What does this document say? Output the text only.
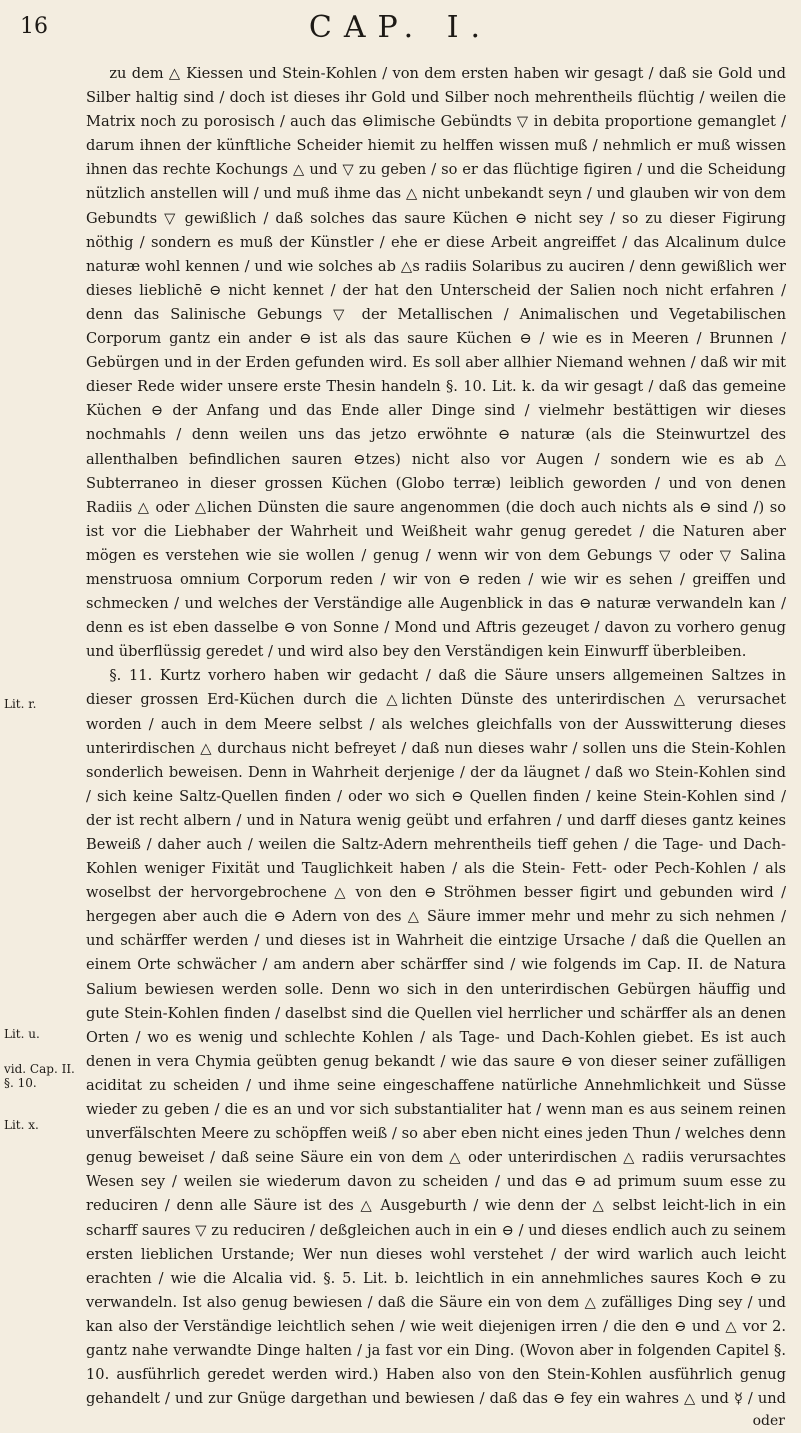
16	CAP. I.
Lit. r.
Lit. u.
vid. Cap. II. §. 10.
Lit. x.

zu dem △ Kiessen und Stein-Kohlen / von dem ersten haben wir gesagt / daß sie Gold und Silber haltig sind / doch ist dieses ihr Gold und Silber noch mehrentheils flüchtig / weilen die Matrix noch zu porosisch / auch das ⊖limische Gebündts ▽ in debita proportione gemanglet / darum ihnen der künftliche Scheider hiemit zu helffen wissen muß / nehmlich er muß wissen ihnen das rechte Kochungs △ und ▽ zu geben / so er das flüchtige figiren / und die Scheidung nützlich anstellen will / und muß ihme das △ nicht unbekandt seyn / und glauben wir von dem Gebundts ▽ gewißlich / daß solches das saure Küchen ⊖ nicht sey / so zu dieser Figirung nöthig / sondern es muß der Künstler / ehe er diese Arbeit angreiffet / das Alcalinum dulce naturæ wohl kennen / und wie solches ab △s radiis Solaribus zu auciren / denn gewißlich wer dieses lieblichē ⊖ nicht kennet / der hat den Unterscheid der Salien noch nicht erfahren / denn das Salinische Gebungs ▽ der Metallischen / Animalischen und Vegetabilischen Corporum gantz ein ander ⊖ ist als das saure Küchen ⊖ / wie es in Meeren / Brunnen / Gebürgen und in der Erden gefunden wird. Es soll aber allhier Niemand wehnen / daß wir mit dieser Rede wider unsere erste Thesin handeln §. 10. Lit. k. da wir gesagt / daß das gemeine Küchen ⊖ der Anfang und das Ende aller Dinge sind / vielmehr bestättigen wir dieses nochmahls / denn weilen uns das jetzo erwöhnte ⊖ naturæ (als die Steinwurtzel des allenthalben befindlichen sauren ⊖tzes) nicht also vor Augen / sondern wie es ab △ Subterraneo in dieser grossen Küchen (Globo terræ) leiblich geworden / und von denen Radiis △ oder △lichen Dünsten die saure angenommen (die doch auch nichts als ⊖ sind /) so ist vor die Liebhaber der Wahrheit und Weißheit wahr genug geredet / die Naturen aber mögen es verstehen wie sie wollen / genug / wenn wir von dem Gebungs ▽ oder ▽ Salina menstruosa omnium Corporum reden / wir von ⊖ reden / wie wir es sehen / greiffen und schmecken / und welches der Verständige alle Augenblick in das ⊖ naturæ verwandeln kan / denn es ist eben dasselbe ⊖ von Sonne / Mond und Aftris gezeuget / davon zu vorhero genug und überflüssig geredet / und wird also bey den Verständigen kein Einwurff überbleiben.

§. 11. Kurtz vorhero haben wir gedacht / daß die Säure unsers allgemeinen Saltzes in dieser grossen Erd-Küchen durch die △lichten Dünste des unterirdischen △ verursachet worden / auch in dem Meere selbst / als welches gleichfalls von der Ausswitterung dieses unterirdischen △ durchaus nicht befreyet / daß nun dieses wahr / sollen uns die Stein-Kohlen sonderlich beweisen. Denn in Wahrheit derjenige / der da läugnet / daß wo Stein-Kohlen sind / sich keine Saltz-Quellen finden / oder wo sich ⊖ Quellen finden / keine Stein-Kohlen sind / der ist recht albern / und in Natura wenig geübt und erfahren / und darff dieses gantz keines Beweiß / daher auch / weilen die Saltz-Adern mehrentheils tieff gehen / die Tage- und Dach-Kohlen weniger Fixität und Tauglichkeit haben / als die Stein- Fett- oder Pech-Kohlen / als woselbst der hervorgebrochene △ von den ⊖ Ströhmen besser figirt und gebunden wird / hergegen aber auch die ⊖ Adern von des △ Säure immer mehr und mehr zu sich nehmen / und schärffer werden / und dieses ist in Wahrheit die eintzige Ursache / daß die Quellen an einem Orte schwächer / am andern aber schärffer sind / wie folgends im Cap. II. de Natura Salium bewiesen werden solle. Denn wo sich in den unterirdischen Gebürgen häuffig und gute Stein-Kohlen finden / daselbst sind die Quellen viel herrlicher und schärffer als an denen Orten / wo es wenig und schlechte Kohlen / als Tage- und Dach-Kohlen giebet. Es ist auch denen in vera Chymia geübten genug bekandt / wie das saure ⊖ von dieser seiner zufälligen aciditat zu scheiden / und ihme seine eingeschaffene natürliche Annehmlichkeit und Süsse wieder zu geben / die es an und vor sich substantialiter hat / wenn man es aus seinem reinen unverfälschten Meere zu schöpffen weiß / so aber eben nicht eines jeden Thun / welches denn genug beweiset / daß seine Säure ein von dem △ oder unterirdischen △ radiis verursachtes Wesen sey / weilen sie wiederum davon zu scheiden / und das ⊖ ad primum suum esse zu reduciren / denn alle Säure ist des △ Ausgeburth / wie denn der △ selbst leicht-lich in ein scharff saures ▽ zu reduciren / deßgleichen auch in ein ⊖ / und dieses endlich auch zu seinem ersten lieblichen Urstande; Wer nun dieses wohl verstehet / der wird warlich auch leicht erachten / wie die Alcalia vid. §. 5. Lit. b. leichtlich in ein annehmliches saures Koch ⊖ zu verwandeln. Ist also genug bewiesen / daß die Säure ein von dem △ zufälliges Ding sey / und kan also der Verständige leichtlich sehen / wie weit diejenigen irren / die den ⊖ und △ vor 2. gantz nahe verwandte Dinge halten / ja fast vor ein Ding. (Wovon aber in folgenden Capitel §. 10. ausführlich geredet werden wird.) Haben also von den Stein-Kohlen ausführlich genug gehandelt / und zur Gnüge dargethan und bewiesen / daß das ⊖ fey ein wahres △ und ☿ / und

oder
